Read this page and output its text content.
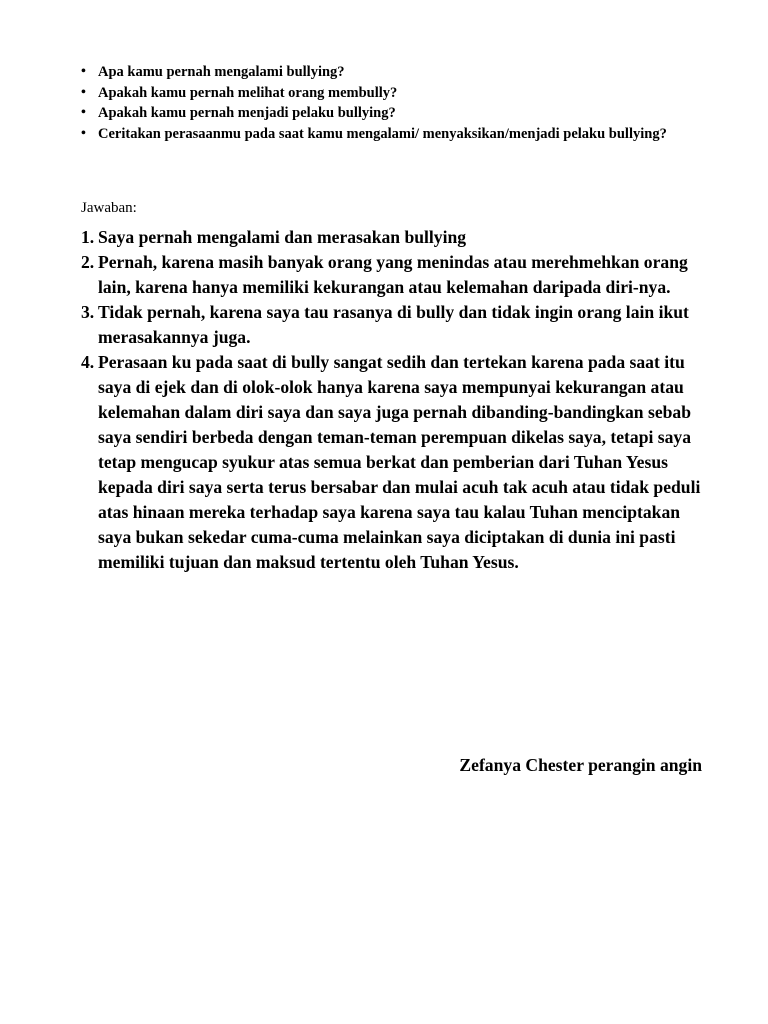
• Apa kamu pernah mengalami bullying?
• Apakah kamu pernah melihat orang membully?
• Apakah kamu pernah menjadi pelaku bullying?
• Ceritakan perasaanmu pada saat kamu mengalami/ menyaksikan/menjadi pelaku bullying?
Jawaban:
1. Saya pernah mengalami dan merasakan bullying
2. Pernah, karena masih banyak orang yang menindas atau merehmehkan orang lain, karena hanya memiliki kekurangan atau kelemahan daripada diri-nya.
3. Tidak pernah, karena saya tau rasanya di bully dan tidak ingin orang lain ikut merasakannya juga.
4. Perasaan ku pada saat di bully sangat sedih dan tertekan karena pada saat itu saya di ejek dan di olok-olok hanya karena saya mempunyai kekurangan atau kelemahan dalam diri saya dan saya juga pernah dibanding-bandingkan sebab saya sendiri berbeda dengan teman-teman perempuan dikelas saya, tetapi saya tetap mengucap syukur atas semua berkat dan pemberian dari Tuhan Yesus kepada diri saya serta terus bersabar dan mulai acuh tak acuh atau tidak peduli atas hinaan mereka terhadap saya karena saya tau kalau Tuhan menciptakan saya bukan sekedar cuma-cuma melainkan saya diciptakan di dunia ini pasti memiliki tujuan dan maksud tertentu oleh Tuhan Yesus.
Zefanya Chester perangin angin
